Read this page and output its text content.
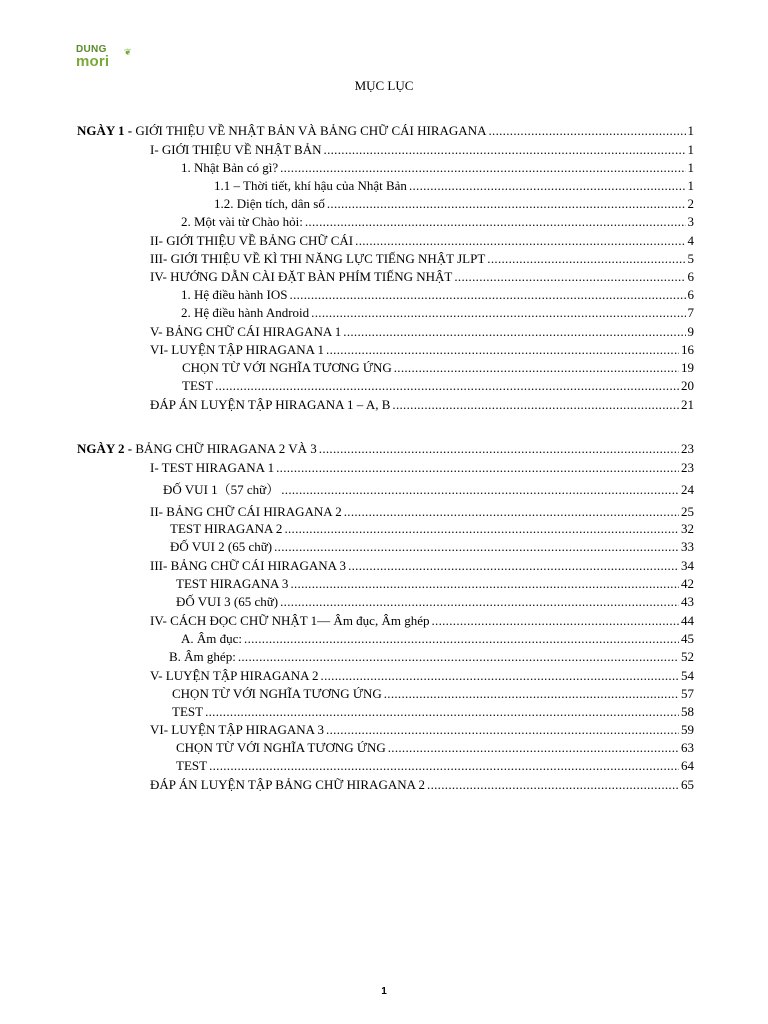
DUNG ❦
mori
MỤC LỤC
NGÀY 1 - GIỚI THIỆU VỀ NHẬT BẢN VÀ BẢNG CHỮ CÁI HIRAGANA .....	1
I- GIỚI THIỆU VỀ NHẬT BẢN .....	1
1. Nhật Bản có gì? .....	1
1.1 – Thời tiết, khí hậu của Nhật Bản .....	1
1.2. Diện tích, dân số .....	2
2. Một vài từ Chào hỏi: .....	3
II- GIỚI THIỆU VỀ BẢNG CHỮ CÁI .....	4
III- GIỚI THIỆU VỀ KÌ THI NĂNG LỰC TIẾNG NHẬT JLPT .....	5
IV- HƯỚNG DẪN CÀI ĐẶT BÀN PHÍM TIẾNG NHẬT .....	6
1. Hệ điều hành IOS .....	6
2. Hệ điều hành Android .....	7
V- BẢNG CHỮ CÁI HIRAGANA 1 .....	9
VI- LUYỆN TẬP HIRAGANA 1 .....	16
CHỌN TỪ VỚI NGHĨA TƯƠNG ỨNG .....	19
TEST .....	20
ĐÁP ÁN LUYỆN TẬP HIRAGANA 1 – A, B .....	21
NGÀY 2 - BẢNG CHỮ HIRAGANA 2 VÀ 3 .....	23
I- TEST HIRAGANA 1 .....	23
ĐỐ VUI 1（57 chữ） .....	24
II- BẢNG CHỮ CÁI HIRAGANA 2 .....	25
TEST HIRAGANA 2 .....	32
ĐỐ VUI 2 (65 chữ) .....	33
III- BẢNG CHỮ CÁI HIRAGANA 3 .....	34
TEST HIRAGANA 3 .....	42
ĐỐ VUI 3 (65 chữ) .....	43
IV- CÁCH ĐỌC CHỮ NHẬT 1— Âm đục, Âm ghép .....	44
A. Âm đục: .....	45
B. Âm ghép: .....	52
V- LUYỆN TẬP HIRAGANA 2 .....	54
CHỌN TỪ VỚI NGHĨA TƯƠNG ỨNG .....	57
TEST .....	58
VI- LUYỆN TẬP HIRAGANA 3 .....	59
CHỌN TỪ VỚI NGHĨA TƯƠNG ỨNG .....	63
TEST .....	64
ĐÁP ÁN LUYỆN TẬP BẢNG CHỮ HIRAGANA 2 .....	65
1
